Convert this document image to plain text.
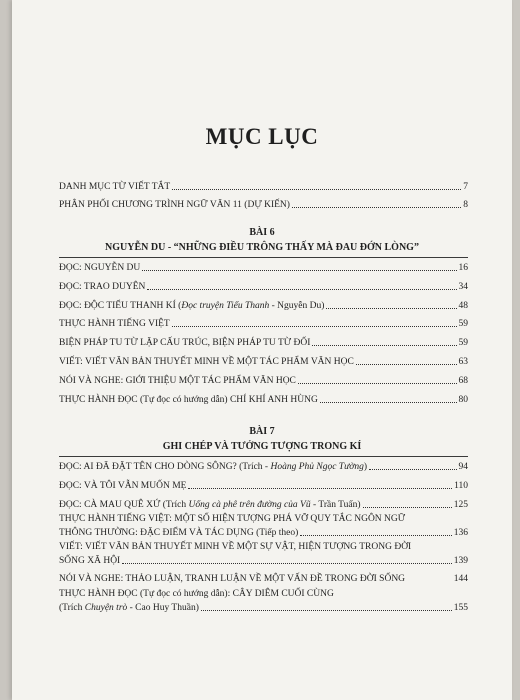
MỤC LỤC
DANH MỤC TỪ VIẾT TẮT	7
PHÂN PHỐI CHƯƠNG TRÌNH NGỮ VĂN 11 (DỰ KIẾN)	8
BÀI 6
NGUYỄN DU - “NHỮNG ĐIỀU TRÔNG THẤY MÀ ĐAU ĐỚN LÒNG”
ĐỌC: NGUYỄN DU	16
ĐỌC: TRAO DUYÊN	34
ĐỌC: ĐỘC TIỂU THANH KÍ (Đọc truyện Tiểu Thanh - Nguyễn Du)	48
THỰC HÀNH TIẾNG VIỆT	59
BIỆN PHÁP TU TỪ LẶP CẤU TRÚC, BIỆN PHÁP TU TỪ ĐỐI	59
VIẾT: VIẾT VĂN BẢN THUYẾT MINH VỀ MỘT TÁC PHẨM VĂN HỌC	63
NÓI VÀ NGHE: GIỚI THIỆU MỘT TÁC PHẨM VĂN HỌC	68
THỰC HÀNH ĐỌC (Tự đọc có hướng dẫn) CHÍ KHÍ ANH HÙNG	80
BÀI 7
GHI CHÉP VÀ TƯỞNG TƯỢNG TRONG KÍ
ĐỌC: AI ĐÃ ĐẶT TÊN CHO DÒNG SÔNG? (Trích - Hoàng Phủ Ngọc Tường)	94
ĐỌC: VÀ TÔI VẪN MUỐN MẸ	110
ĐỌC: CÀ MAU QUÊ XỨ (Trích Uống cà phê trên đường của Vũ - Trần Tuấn)	125
THỰC HÀNH TIẾNG VIỆT: MỘT SỐ HIỆN TƯỢNG PHÁ VỠ QUY TẮC NGÔN NGỮ
THÔNG THƯỜNG: ĐẶC ĐIỂM VÀ TÁC DỤNG (Tiếp theo)	136
VIẾT: VIẾT VĂN BẢN THUYẾT MINH VỀ MỘT SỰ VẬT, HIỆN TƯỢNG TRONG ĐỜI
SỐNG XÃ HỘI	139
NÓI VÀ NGHE: THẢO LUẬN, TRANH LUẬN VỀ MỘT VẤN ĐỀ TRONG ĐỜI SỐNG	144
THỰC HÀNH ĐỌC (Tự đọc có hướng dẫn): CÂY DIÊM CUỐI CÙNG
(Trích Chuyện trò - Cao Huy Thuần)	155
